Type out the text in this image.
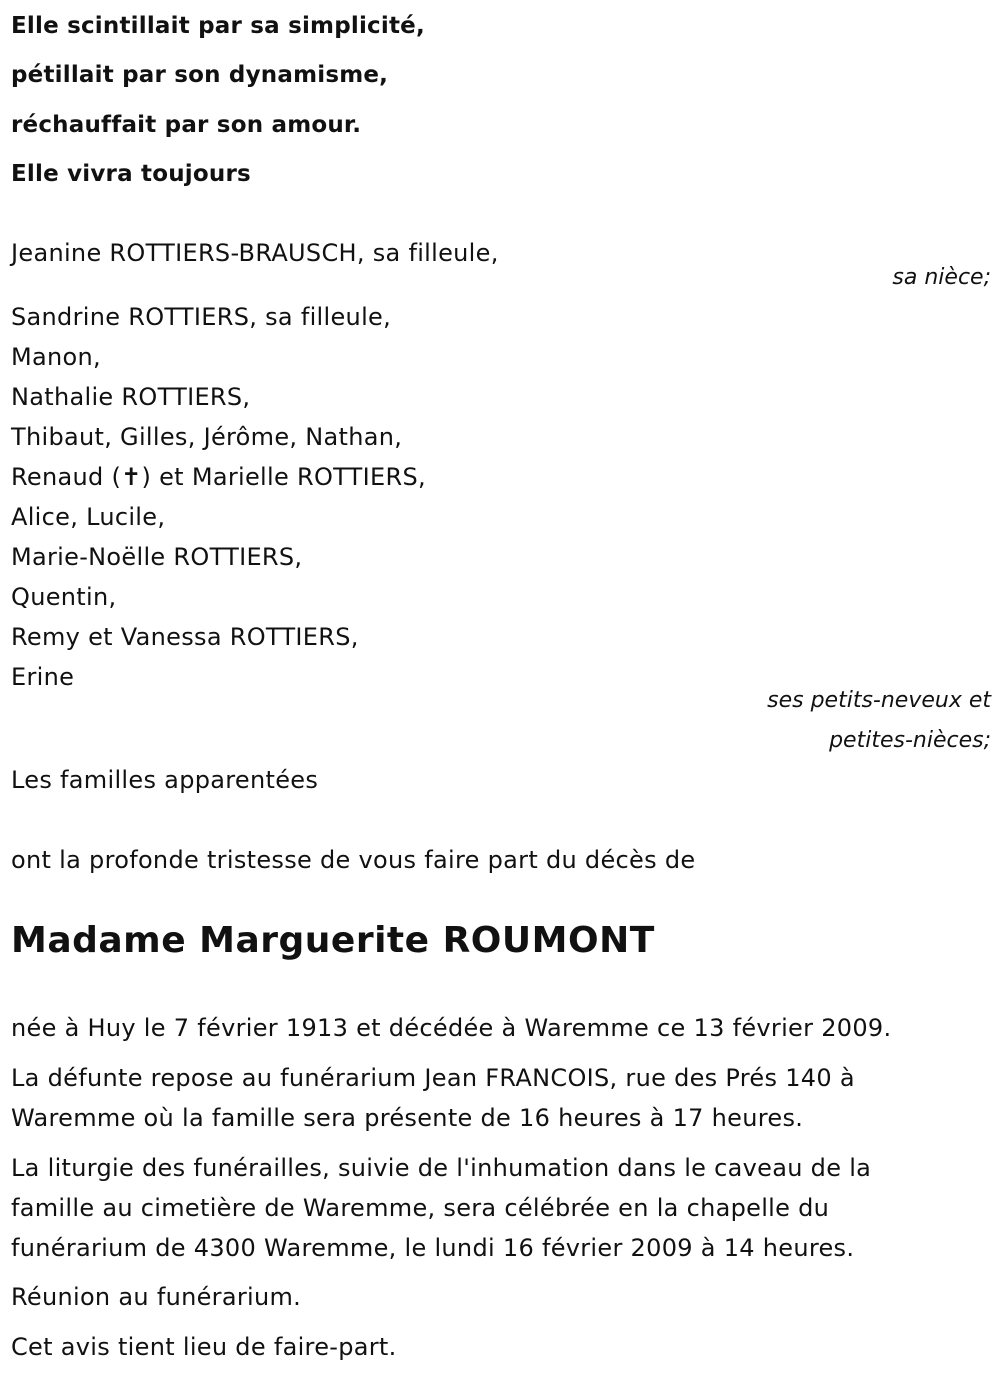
Elle scintillait par sa simplicité,
pétillait par son dynamisme,
réchauffait par son amour.
Elle vivra toujours
Jeanine ROTTIERS-BRAUSCH, sa filleule,
sa nièce;
Sandrine ROTTIERS, sa filleule,
Manon,
Nathalie ROTTIERS,
Thibaut, Gilles, Jérôme, Nathan,
Renaud (✝) et Marielle ROTTIERS,
Alice, Lucile,
Marie-Noëlle ROTTIERS,
Quentin,
Remy et Vanessa ROTTIERS,
Erine
ses petits-neveux et
petites-nièces;
Les familles apparentées
ont la profonde tristesse de vous faire part du décès de
Madame Marguerite ROUMONT
née à Huy le 7 février 1913 et décédée à Waremme ce 13 février 2009.
La défunte repose au funérarium Jean FRANCOIS, rue des Prés 140 à
Waremme où la famille sera présente de 16 heures à 17 heures.
La liturgie des funérailles, suivie de l'inhumation dans le caveau de la
famille au cimetière de Waremme, sera célébrée en la chapelle du
funérarium de 4300 Waremme, le lundi 16 février 2009 à 14 heures.
Réunion au funérarium.
Cet avis tient lieu de faire-part.
